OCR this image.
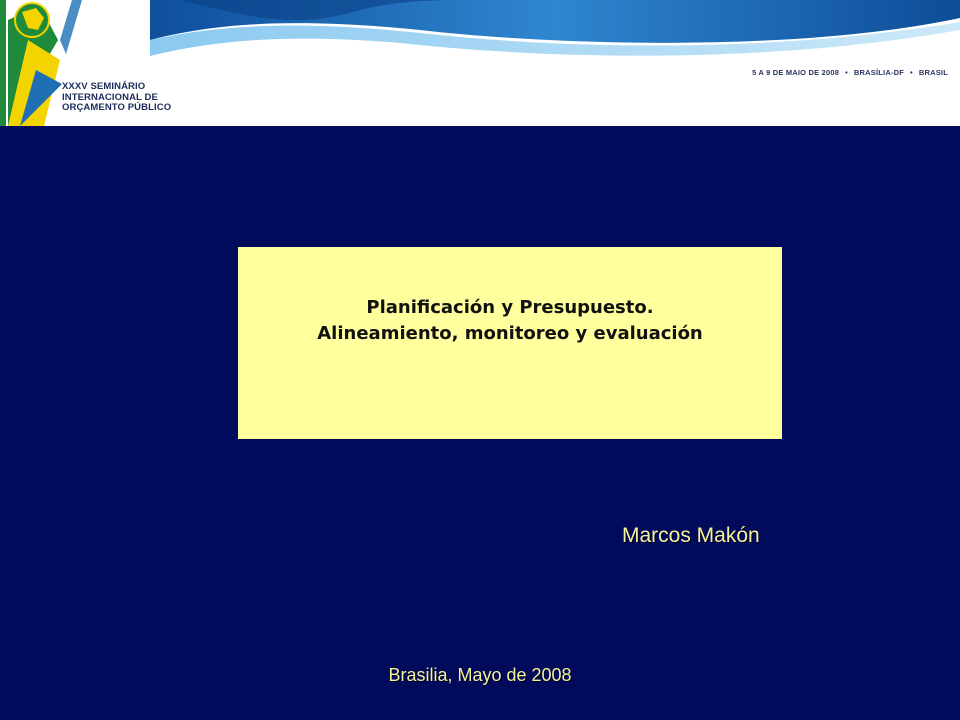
XXXV SEMINÁRIO
INTERNACIONAL DE
ORÇAMENTO PÚBLICO
5 A 9 DE MAIO DE 2008 • BRASÍLIA-DF • BRASIL
Planificación y Presupuesto.
Alineamiento, monitoreo y evaluación
Marcos Makón
Brasilia, Mayo de 2008
